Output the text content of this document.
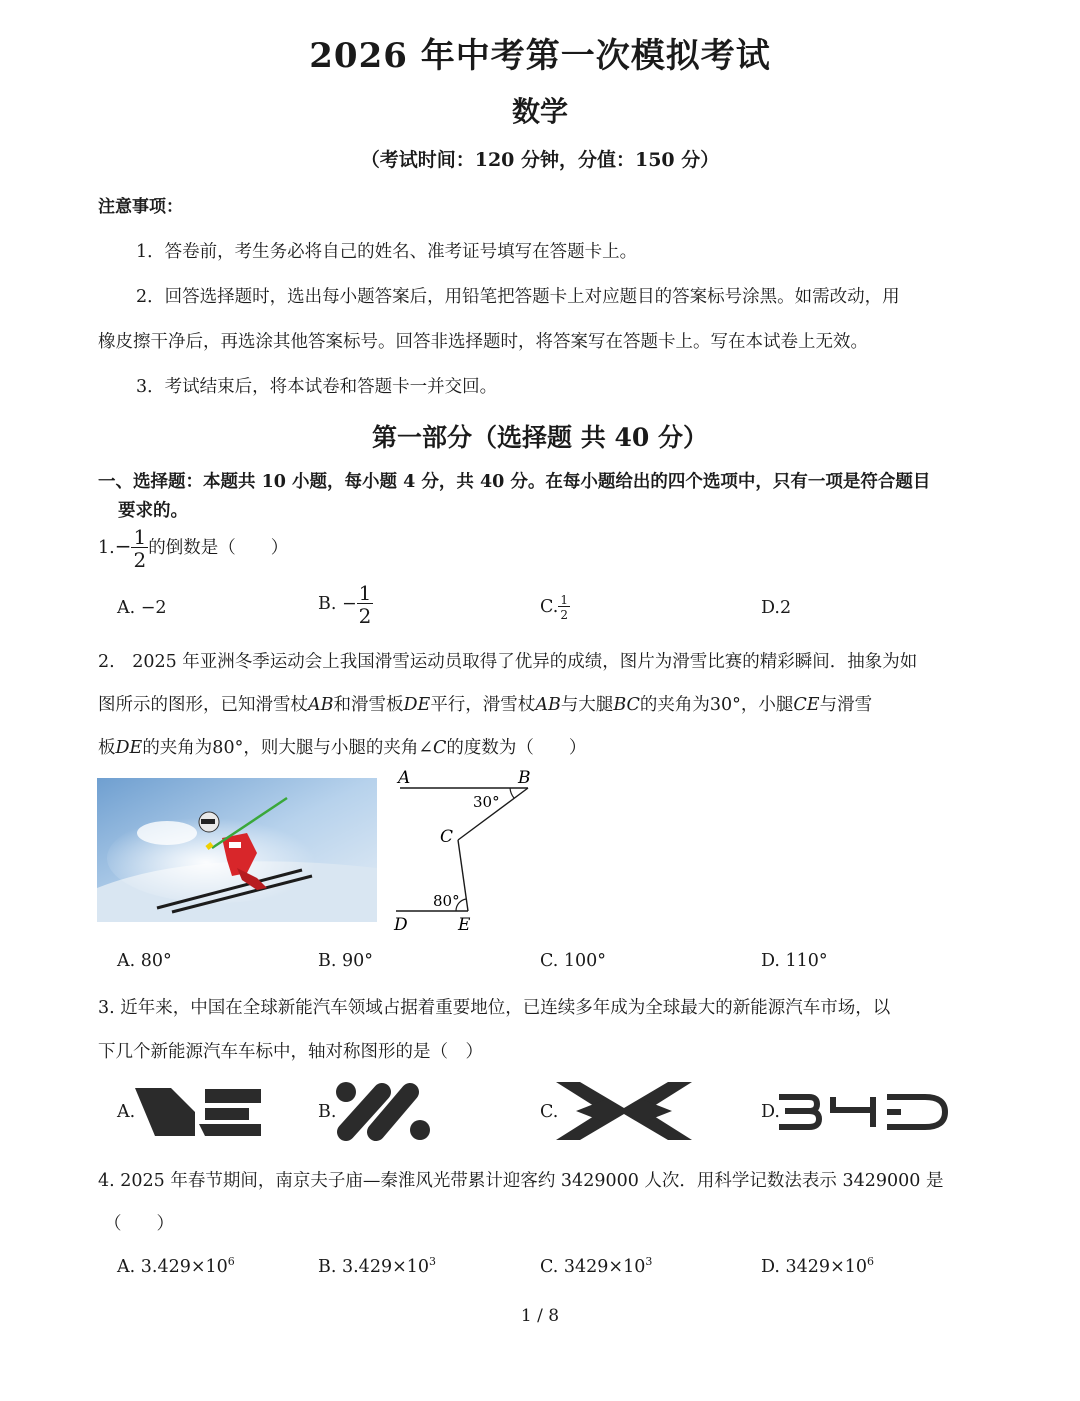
2026 年中考第一次模拟考试
数学
（考试时间：120 分钟，分值：150 分）
注意事项：
1．答卷前，考生务必将自己的姓名、准考证号填写在答题卡上。
2．回答选择题时，选出每小题答案后，用铅笔把答题卡上对应题目的答案标号涂黑。如需改动，用
橡皮擦干净后，再选涂其他答案标号。回答非选择题时，将答案写在答题卡上。写在本试卷上无效。
3．考试结束后，将本试卷和答题卡一并交回。
第一部分（选择题 共 40 分）
一、选择题：本题共 10 小题，每小题 4 分，共 40 分。在每小题给出的四个选项中，只有一项是符合题目
要求的。
$1.- \frac{1}{2}$ 的倒数是（　　）
A. −2	B. − $\frac{1}{2}$	C. $\frac{1}{2}$	D.2
2.　2025 年亚洲冬季运动会上我国滑雪运动员取得了优异的成绩，图片为滑雪比赛的精彩瞬间．抽象为如
图所示的图形，已知滑雪杖AB和滑雪板DE平行，滑雪杖AB与大腿BC的夹角为30°，小腿CE与滑雪
板DE的夹角为80°，则大腿与小腿的夹角∠C的度数为（　　）
A	B
C
D	E
30°
80°
A. 80°	B. 90°	C. 100°	D. 110°
3. 近年来，中国在全球新能汽车领域占据着重要地位，已连续多年成为全球最大的新能源汽车市场，以
下几个新能源汽车车标中，轴对称图形的是（　）
A.	B.	C.	D.
4. 2025 年春节期间，南京夫子庙—秦淮风光带累计迎客约 3429000 人次．用科学记数法表示 3429000 是
（　　）
A. $3.429\times 10^6$	B. $3.429\times 10^3$	C. $3429\times 10^3$	D. $3429\times 10^6$
1 / 8
